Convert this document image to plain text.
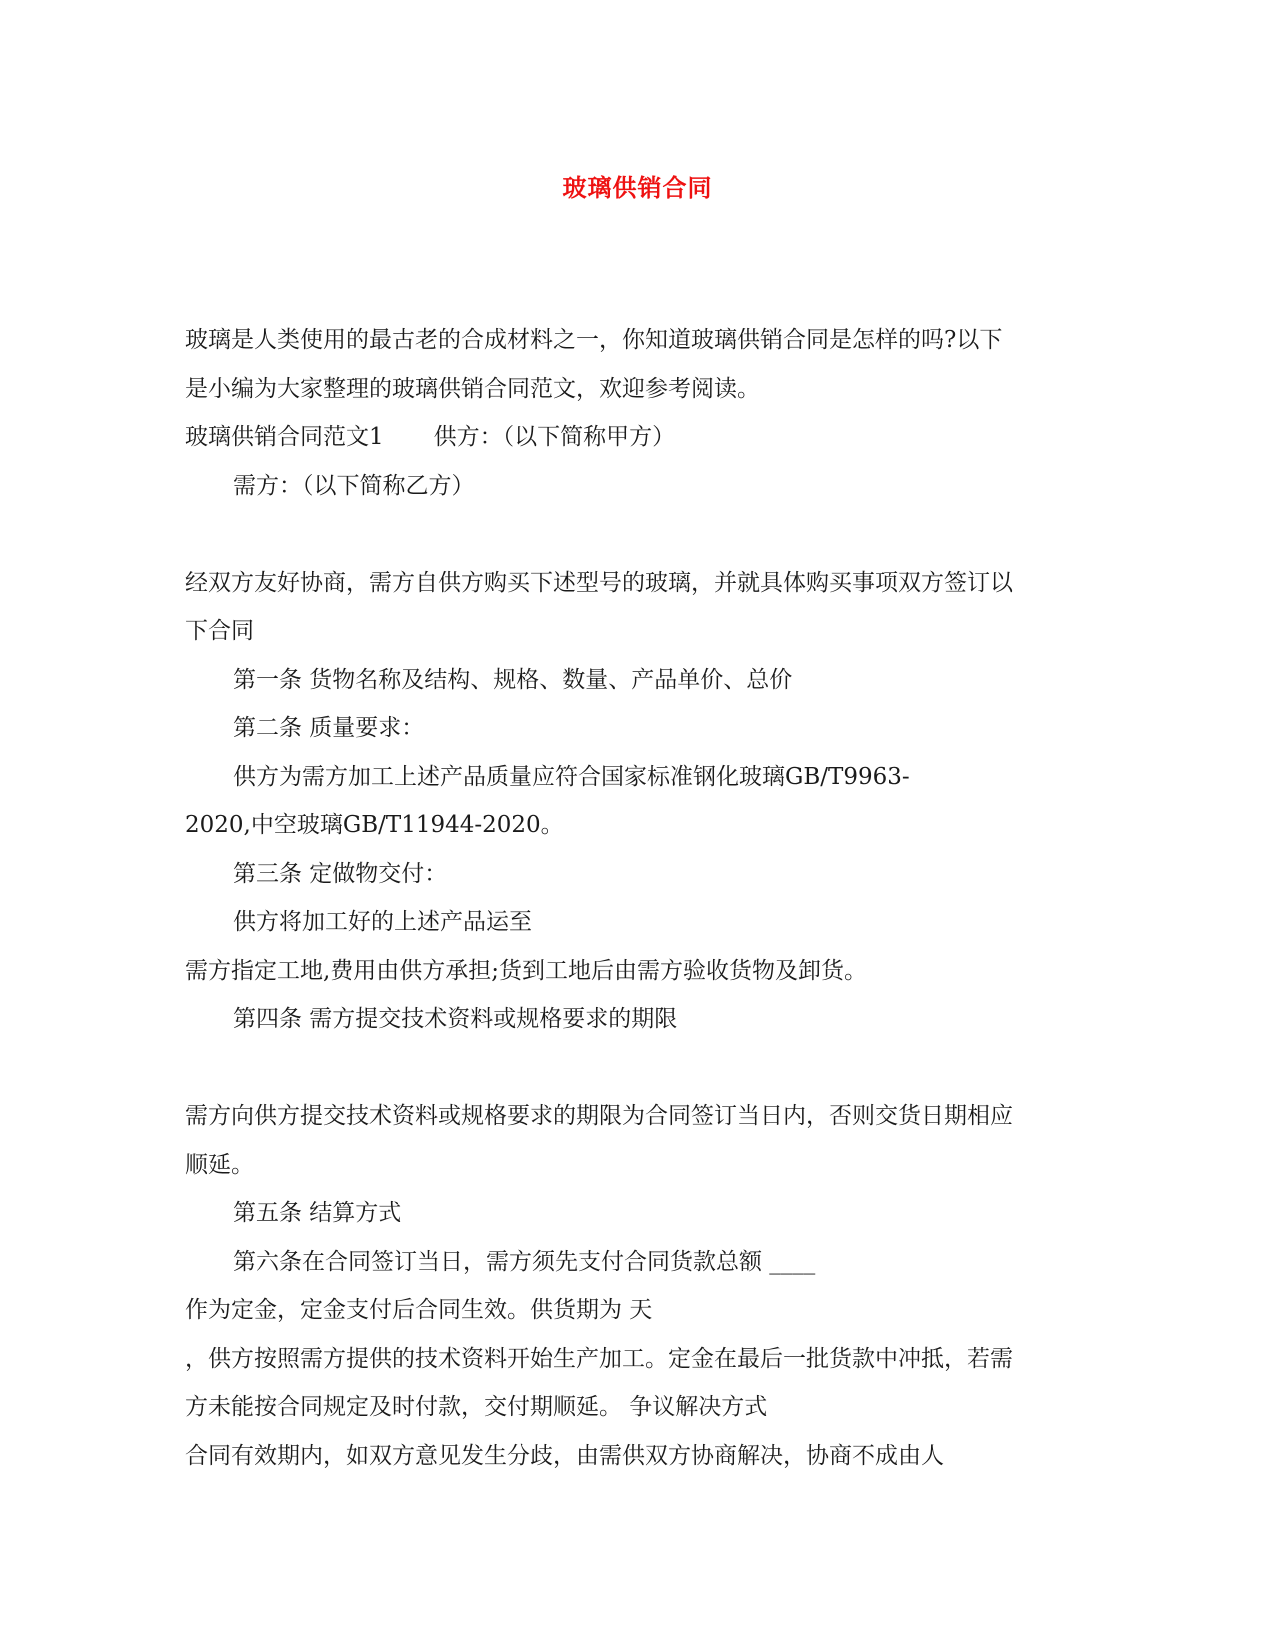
玻璃供销合同
玻璃是人类使用的最古老的合成材料之一，你知道玻璃供销合同是怎样的吗?以下
是小编为大家整理的玻璃供销合同范文，欢迎参考阅读。
玻璃供销合同范文1 供方：（以下简称甲方）
需方：（以下简称乙方）
经双方友好协商，需方自供方购买下述型号的玻璃，并就具体购买事项双方签订以
下合同
第一条 货物名称及结构、规格、数量、产品单价、总价
第二条 质量要求：
供方为需方加工上述产品质量应符合国家标准钢化玻璃GB/T9963-
2020,中空玻璃GB/T11944-2020。
第三条 定做物交付：
供方将加工好的上述产品运至
需方指定工地,费用由供方承担;货到工地后由需方验收货物及卸货。
第四条 需方提交技术资料或规格要求的期限
需方向供方提交技术资料或规格要求的期限为合同签订当日内，否则交货日期相应
顺延。
第五条 结算方式
第六条在合同签订当日，需方须先支付合同货款总额 ____
作为定金，定金支付后合同生效。供货期为 天
，供方按照需方提供的技术资料开始生产加工。定金在最后一批货款中冲抵，若需
方未能按合同规定及时付款，交付期顺延。 争议解决方式
合同有效期内，如双方意见发生分歧，由需供双方协商解决，协商不成由人
